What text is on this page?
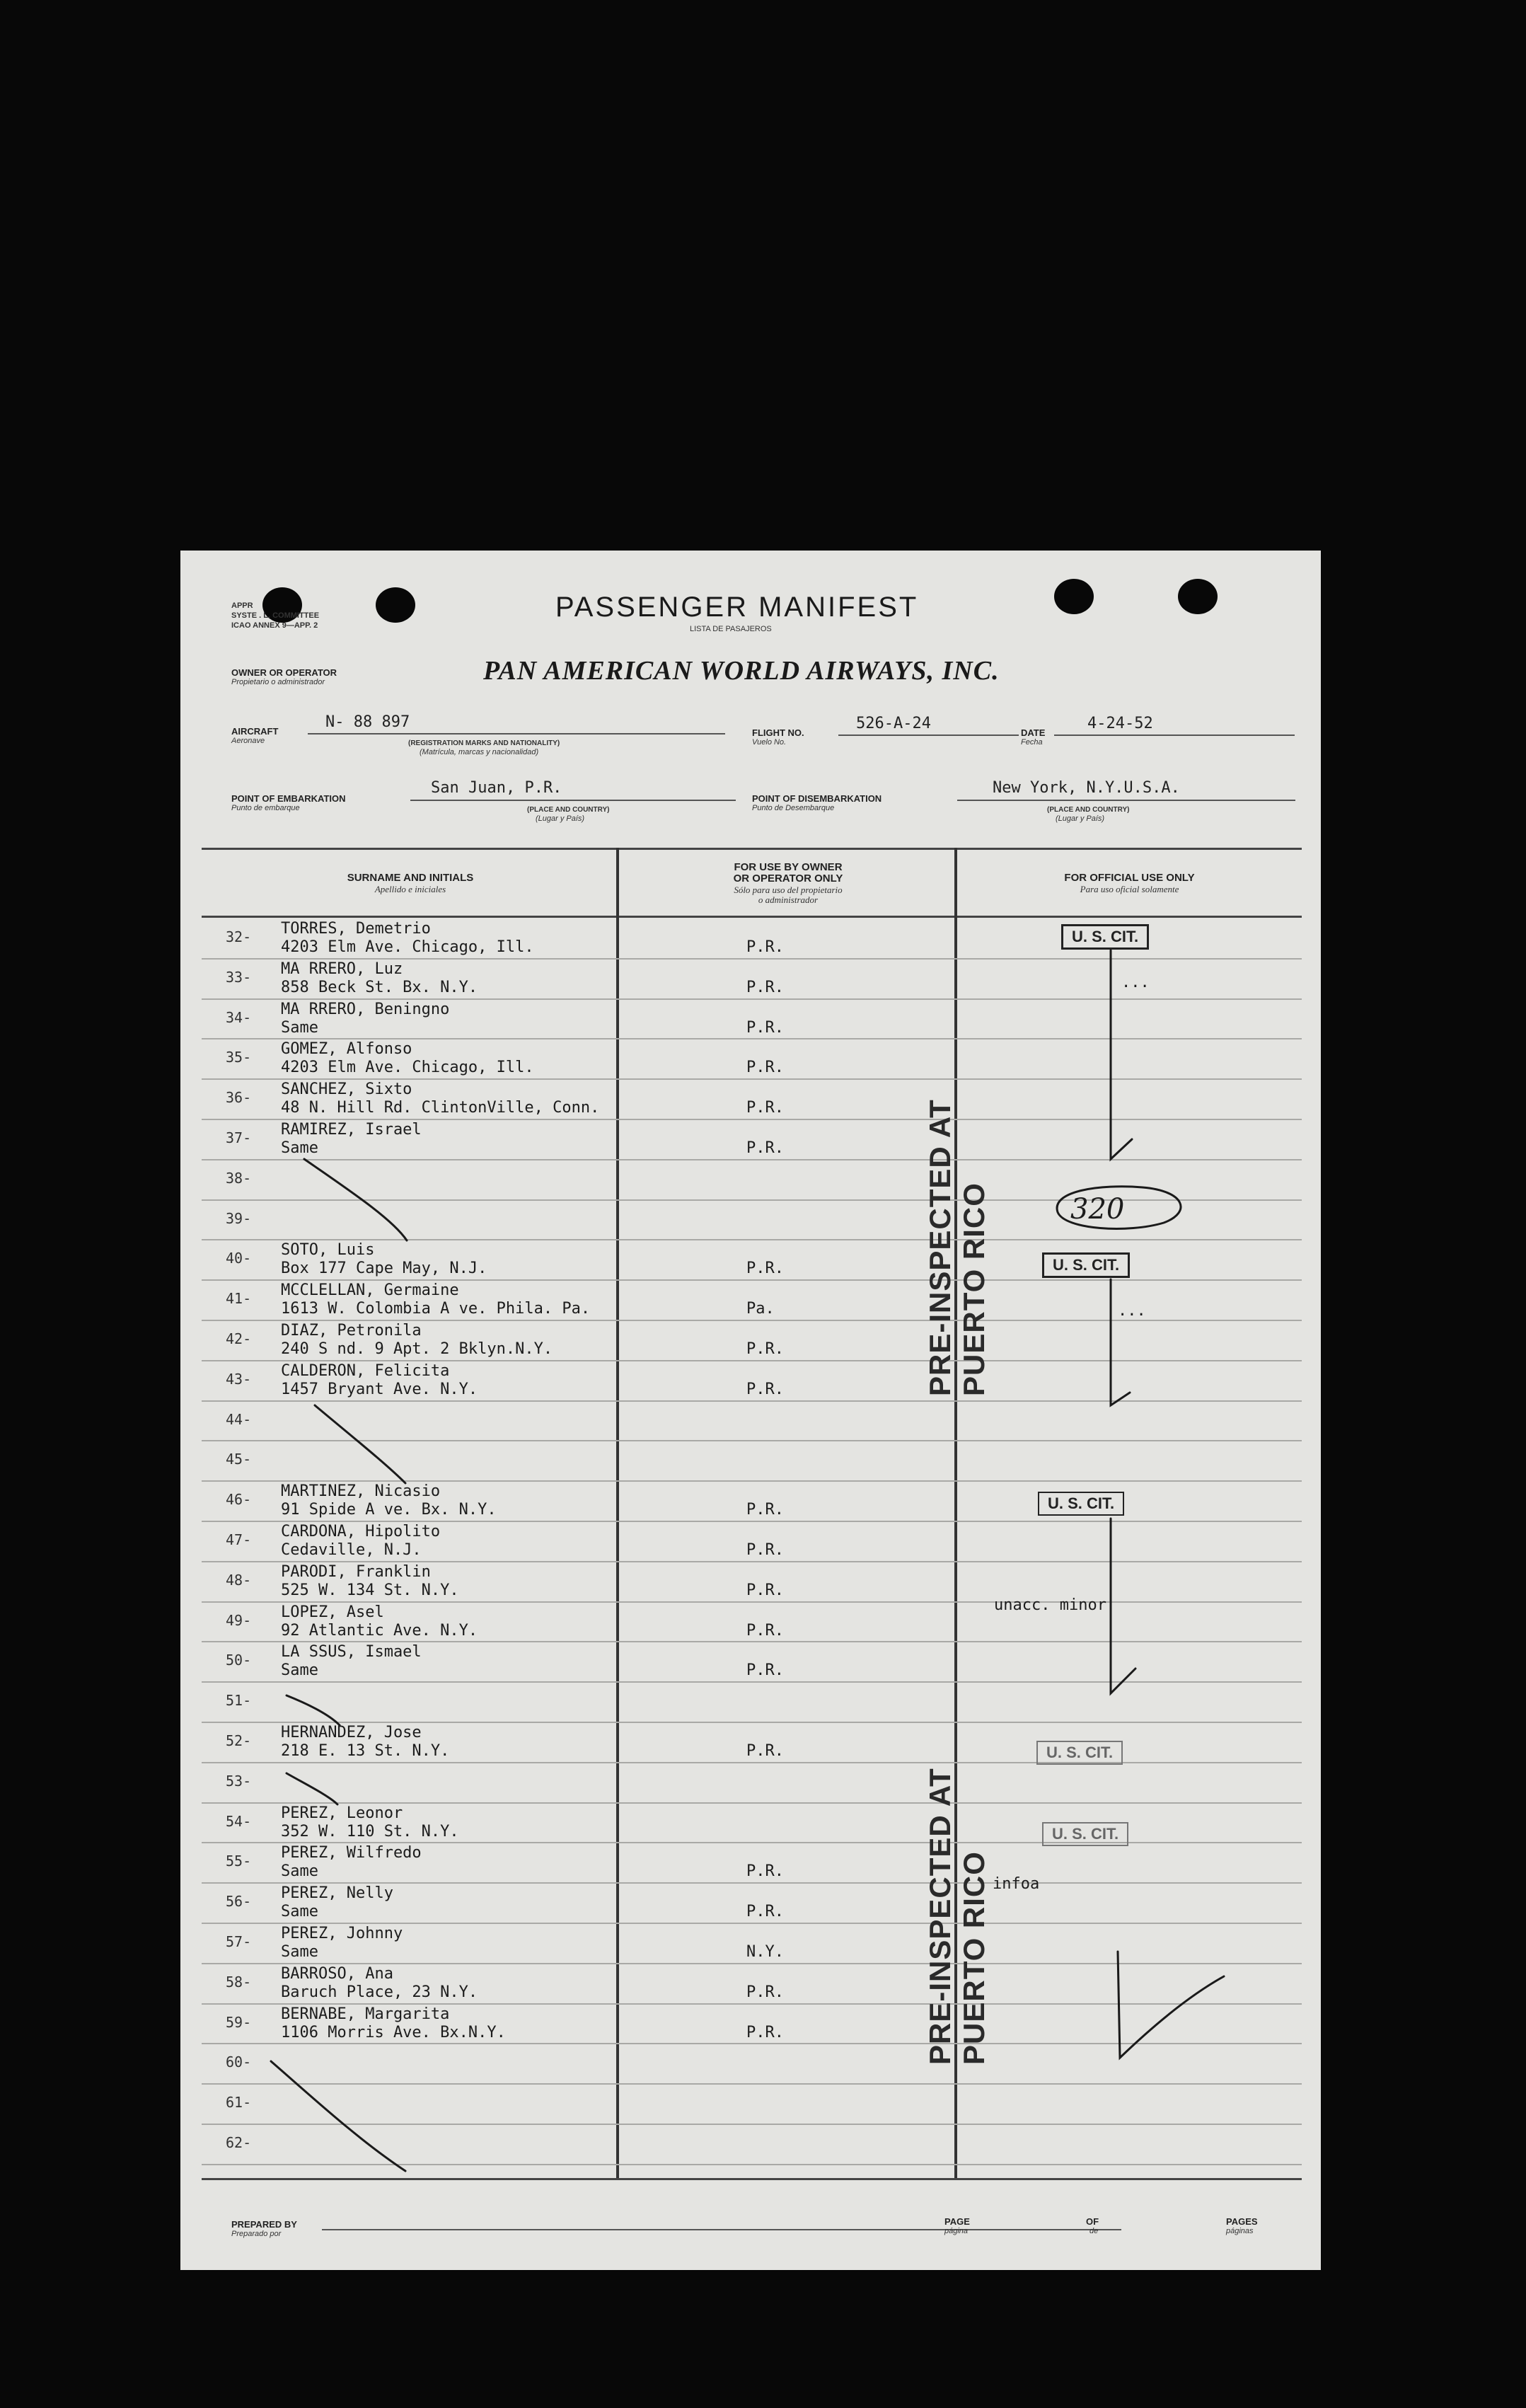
APPR
SYSTE . L. COMMITTEE
ICAO ANNEX 9—APP. 2
PASSENGER MANIFEST
LISTA DE PASAJEROS
OWNER OR OPERATOR
Propietario o administrador	PAN AMERICAN WORLD AIRWAYS, INC.
AIRCRAFT
Aeronave
N- 88 897
(REGISTRATION MARKS AND NATIONALITY)
(Matrícula, marcas y nacionalidad)
FLIGHT NO.
Vuelo No.
526-A-24
DATE
Fecha
4-24-52
POINT OF EMBARKATION
Punto de embarque
San Juan, P.R.
(PLACE AND COUNTRY)
(Lugar y País)
POINT OF DISEMBARKATION
Punto de Desembarque
New York, N.Y.U.S.A.
(PLACE AND COUNTRY)
(Lugar y País)
SURNAME AND INITIALS
Apellido e iniciales
FOR USE BY OWNER
OR OPERATOR ONLY
Sólo para uso del propietario
o administrador
FOR OFFICIAL USE ONLY
Para uso oficial solamente
32- TORRES, Demetrio
4203 Elm Ave. Chicago, Ill.	P.R.
33- MA RRERO, Luz
858 Beck St. Bx. N.Y.	P.R.
34- MA RRERO, Beningno
Same	P.R.
35- GOMEZ, Alfonso
4203 Elm Ave. Chicago, Ill.	P.R.
36- SANCHEZ, Sixto
48 N. Hill Rd. ClintonVille, Conn.	P.R.
37- RAMIREZ, Israel
Same	P.R.
38-
39-
40- SOTO, Luis
Box 177 Cape May, N.J.	P.R.
41- MCCLELLAN, Germaine
1613 W. Colombia A ve. Phila. Pa.	Pa.
42- DIAZ, Petronila
240 S nd. 9 Apt. 2 Bklyn.N.Y.	P.R.
43- CALDERON, Felicita
1457 Bryant Ave. N.Y.	P.R.
44-
45-
46- MARTINEZ, Nicasio
91 Spide A ve. Bx. N.Y.	P.R.
47- CARDONA, Hipolito
Cedaville, N.J.	P.R.
48- PARODI, Franklin
525 W. 134 St. N.Y.	P.R.
49- LOPEZ, Asel
92 Atlantic Ave. N.Y.	P.R.
50- LA SSUS, Ismael
Same	P.R.
51-
52- HERNANDEZ, Jose
218 E. 13 St. N.Y.	P.R.
53-
54- PEREZ, Leonor
352 W. 110 St. N.Y.
55- PEREZ, Wilfredo
Same	P.R.
56- PEREZ, Nelly
Same	P.R.
57- PEREZ, Johnny
Same	N.Y.
58- BARROSO, Ana
Baruch Place, 23 N.Y.	P.R.
59- BERNABE, Margarita
1106 Morris Ave. Bx.N.Y.	P.R.
60-
61-
62-
PRE-INSPECTED AT PUERTO RICO
PRE-INSPECTED AT PUERTO RICO
U. S. CIT.
U. S. CIT.
U. S. CIT.
U. S. CIT.
U. S. CIT.
...
...
unacc. minor
infoa
320
PREPARED BY
Preparado por
PAGE
página
OF
de
PAGES
páginas
